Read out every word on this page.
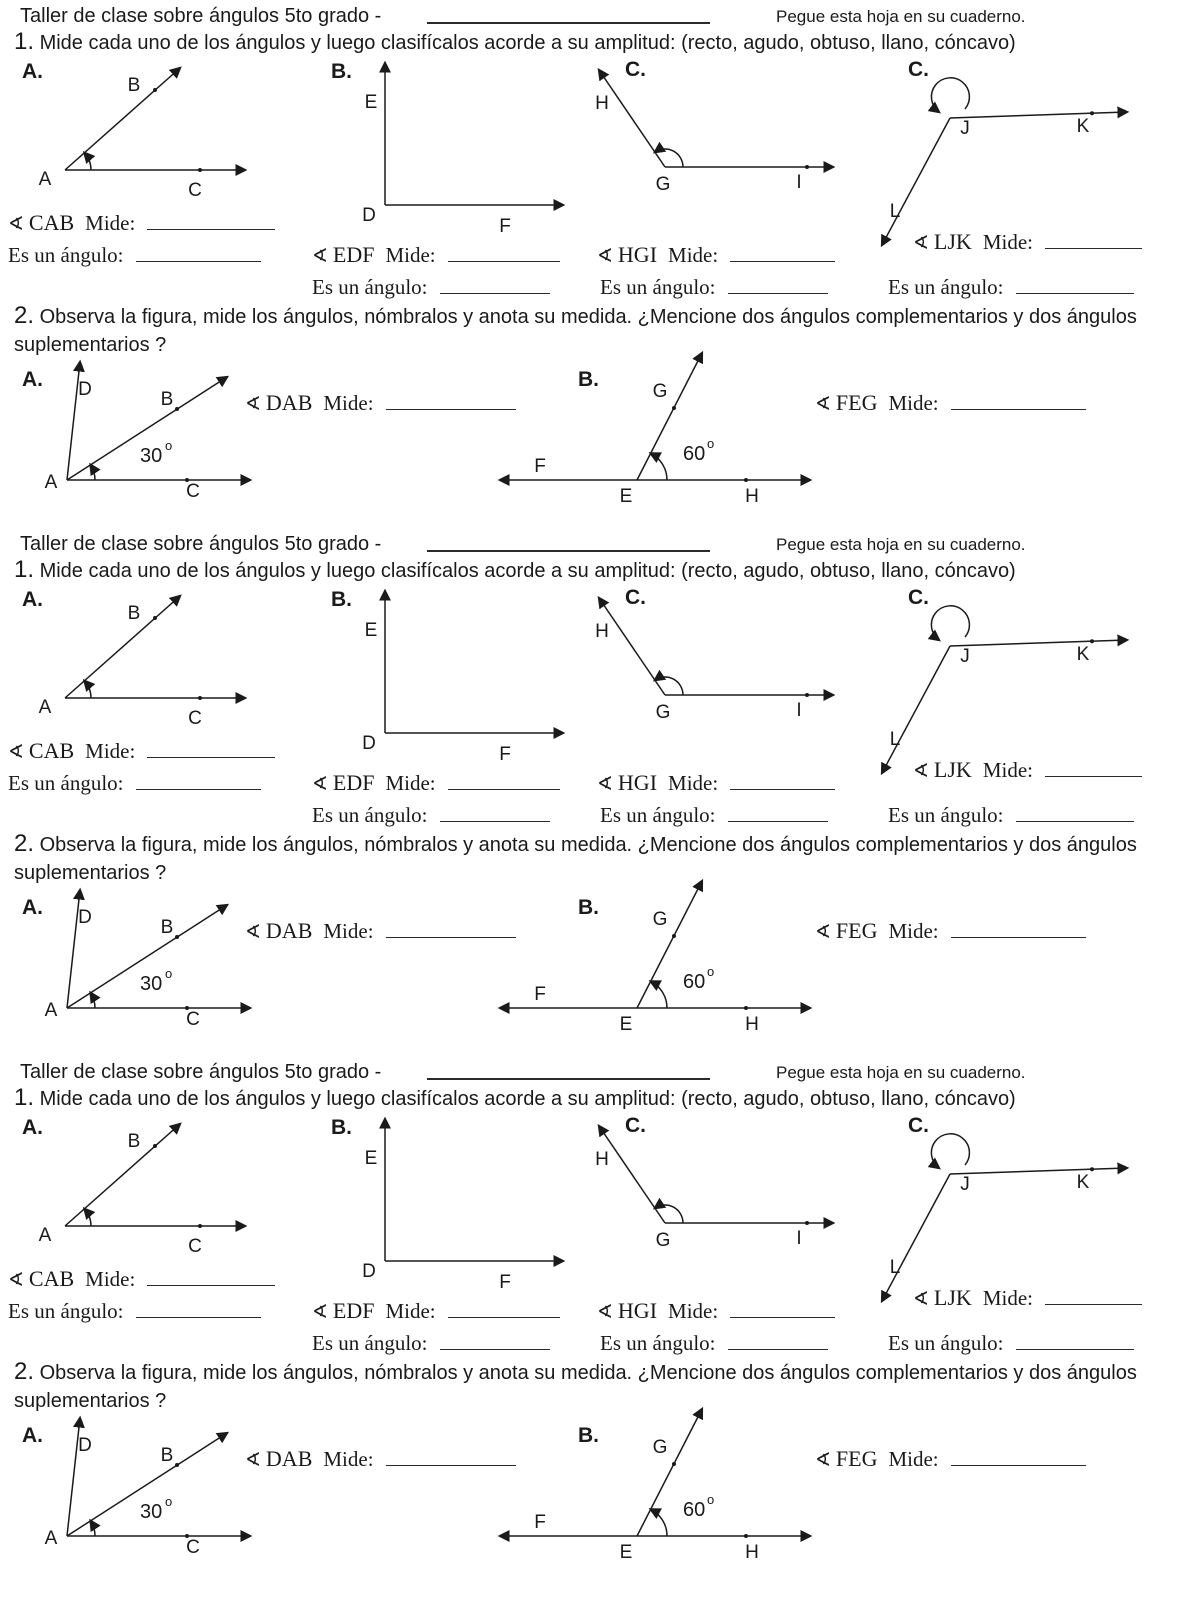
Taller de clase sobre ángulos 5to grado -	Pegue esta hoja en su cuaderno.
1. Mide cada uno de los ángulos y luego clasifícalos acorde a su amplitud: (recto, agudo, obtuso, llano, cóncavo)
A.	B.	C.	C.
A
B
C
E
D
F
H
G	I
J	K
L
∢ CAB Mide:
Es un ángulo:	∢ EDF Mide:
Es un ángulo:
∢ HGI Mide:
Es un ángulo:
∢ LJK Mide:
Es un ángulo:
2. Observa la figura, mide los ángulos, nómbralos y anota su medida. ¿Mencione dos ángulos complementarios y dos ángulos suplementarios ?
A.	B.
A
D	B
C
30 o
F
E	H
G
60 o
∢ DAB Mide:	∢ FEG Mide:
Taller de clase sobre ángulos 5to grado -	Pegue esta hoja en su cuaderno.
1. Mide cada uno de los ángulos y luego clasifícalos acorde a su amplitud: (recto, agudo, obtuso, llano, cóncavo)
A.	B.	C.	C.
A
B
C
E
D
F
H
G	I
J	K
L
∢ CAB Mide:
Es un ángulo:	∢ EDF Mide:
Es un ángulo:
∢ HGI Mide:
Es un ángulo:
∢ LJK Mide:
Es un ángulo:
2. Observa la figura, mide los ángulos, nómbralos y anota su medida. ¿Mencione dos ángulos complementarios y dos ángulos suplementarios ?
A.	B.
A
D	B
C
30 o
F
E	H
G
60 o
∢ DAB Mide:	∢ FEG Mide:
Taller de clase sobre ángulos 5to grado -	Pegue esta hoja en su cuaderno.
1. Mide cada uno de los ángulos y luego clasifícalos acorde a su amplitud: (recto, agudo, obtuso, llano, cóncavo)
A.	B.	C.	C.
A
B
C
E
D
F
H
G	I
J	K
L
∢ CAB Mide:
Es un ángulo:	∢ EDF Mide:
Es un ángulo:
∢ HGI Mide:
Es un ángulo:
∢ LJK Mide:
Es un ángulo:
2. Observa la figura, mide los ángulos, nómbralos y anota su medida. ¿Mencione dos ángulos complementarios y dos ángulos suplementarios ?
A.	B.
A
D	B
C
30 o
F
E	H
G
60 o
∢ DAB Mide:	∢ FEG Mide:
